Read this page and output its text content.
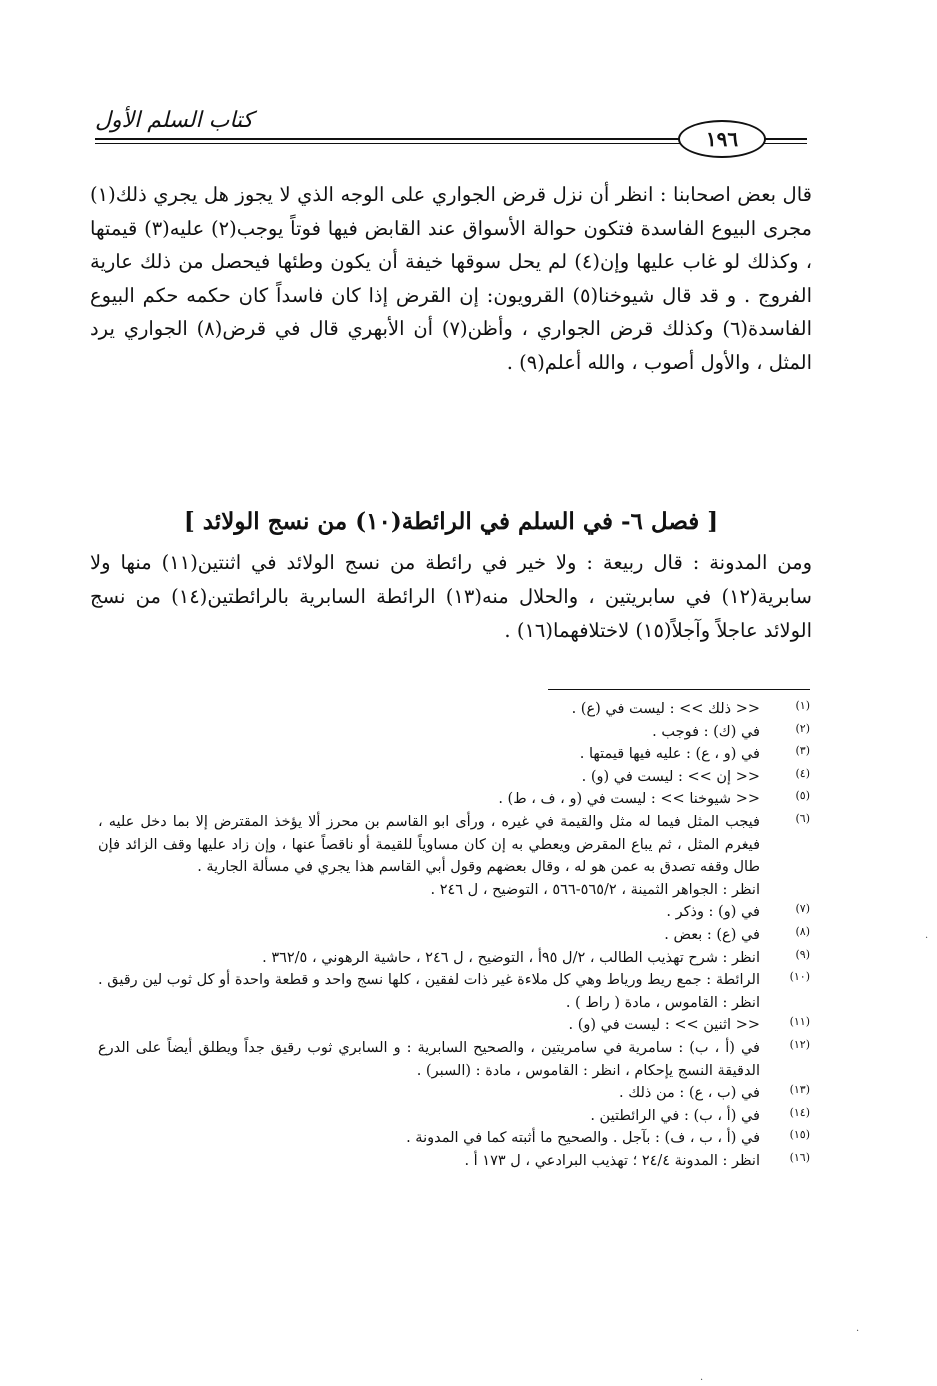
كتاب السلم الأول
١٩٦

قال بعض اصحابنا : انظر أن نزل قرض الجواري على الوجه الذي لا يجوز هل يجري ذلك(١) مجرى البيوع الفاسدة فتكون حوالة الأسواق عند القابض فيها فوتاً يوجب(٢) عليه(٣) قيمتها ، وكذلك لو غاب عليها وإن(٤) لم يحل سوقها خيفة أن يكون وطئها فيحصل من ذلك عارية الفروج . و قد قال شيوخنا(٥) القرويون: إن القرض إذا كان فاسداً كان حكمه حكم البيوع الفاسدة(٦) وكذلك قرض الجواري ، وأظن(٧) أن الأبهري قال في قرض(٨) الجواري يرد المثل ، والأول أصوب ، والله أعلم(٩) .

[ فصل ٦- في السلم في الرائطة(١٠) من نسج الولائد ]

ومن المدونة : قال ربيعة : ولا خير في رائطة من نسج الولائد في اثنتين(١١) منها ولا سابرية(١٢) في سابريتين ، والحلال منه(١٣) الرائطة السابرية بالرائطتين(١٤) من نسج الولائد عاجلاً وآجلاً(١٥) لاختلافهما(١٦) .

(١)
<< ذلك >> : ليست في (ع) .
(٢)
في (ك) : فوجب .
(٣)
في (و ، ع) : عليه فيها قيمتها .
(٤)
<< إن >> : ليست في (و) .
(٥)
<< شيوخنا >> : ليست في (و ، ف ، ط) .
(٦)
فيجب المثل فيما له مثل والقيمة في غيره ، ورأى ابو القاسم بن محرز ألا يؤخذ المقترض إلا بما دخل عليه ، فيغرم المثل ، ثم يباع المقرض ويعطي به إن كان مساوياً للقيمة أو ناقصاً عنها ، وإن زاد عليها وقف الزائد فإن طال وقفه تصدق به عمن هو له ، وقال بعضهم وقول أبي القاسم هذا يجري في مسألة الجارية .
انظر : الجواهر الثمينة ، ٥٦٥/٢-٥٦٦ ، التوضيح ، ل ٢٤٦ .
(٧)
في (و) : وذكر .
(٨)
في (ع) : بعض .
(٩)
انظر : شرح تهذيب الطالب ، ٢/ل ٩٥أ ، التوضيح ، ل ٢٤٦ ، حاشية الرهوني ، ٣٦٢/٥ .
(١٠)
الرائطة : جمع ريط ورياط وهي كل ملاءة غير ذات لفقين ، كلها نسج واحد و قطعة واحدة أو كل ثوب لين رقيق . انظر : القاموس ، مادة ( راط ) .
(١١)
<< اثنين >> : ليست في (و) .
(١٢)
في (أ ، ب) : سامرية في سامريتين ، والصحيح السابرية : و السابري ثوب رقيق جداً ويطلق أيضاً على الدرع الدقيقة النسج يإحكام ، انظر : القاموس ، مادة : (السبر) .
(١٣)
في (ب ، ع) : من ذلك .
(١٤)
في (أ ، ب) : في الرائطتين .
(١٥)
في (أ ، ب ، ف) : بآجل . والصحيح ما أثبته كما في المدونة .
(١٦)
انظر : المدونة ٢٤/٤ ؛ تهذيب البرادعي ، ل ١٧٣ أ .
·
·
·
